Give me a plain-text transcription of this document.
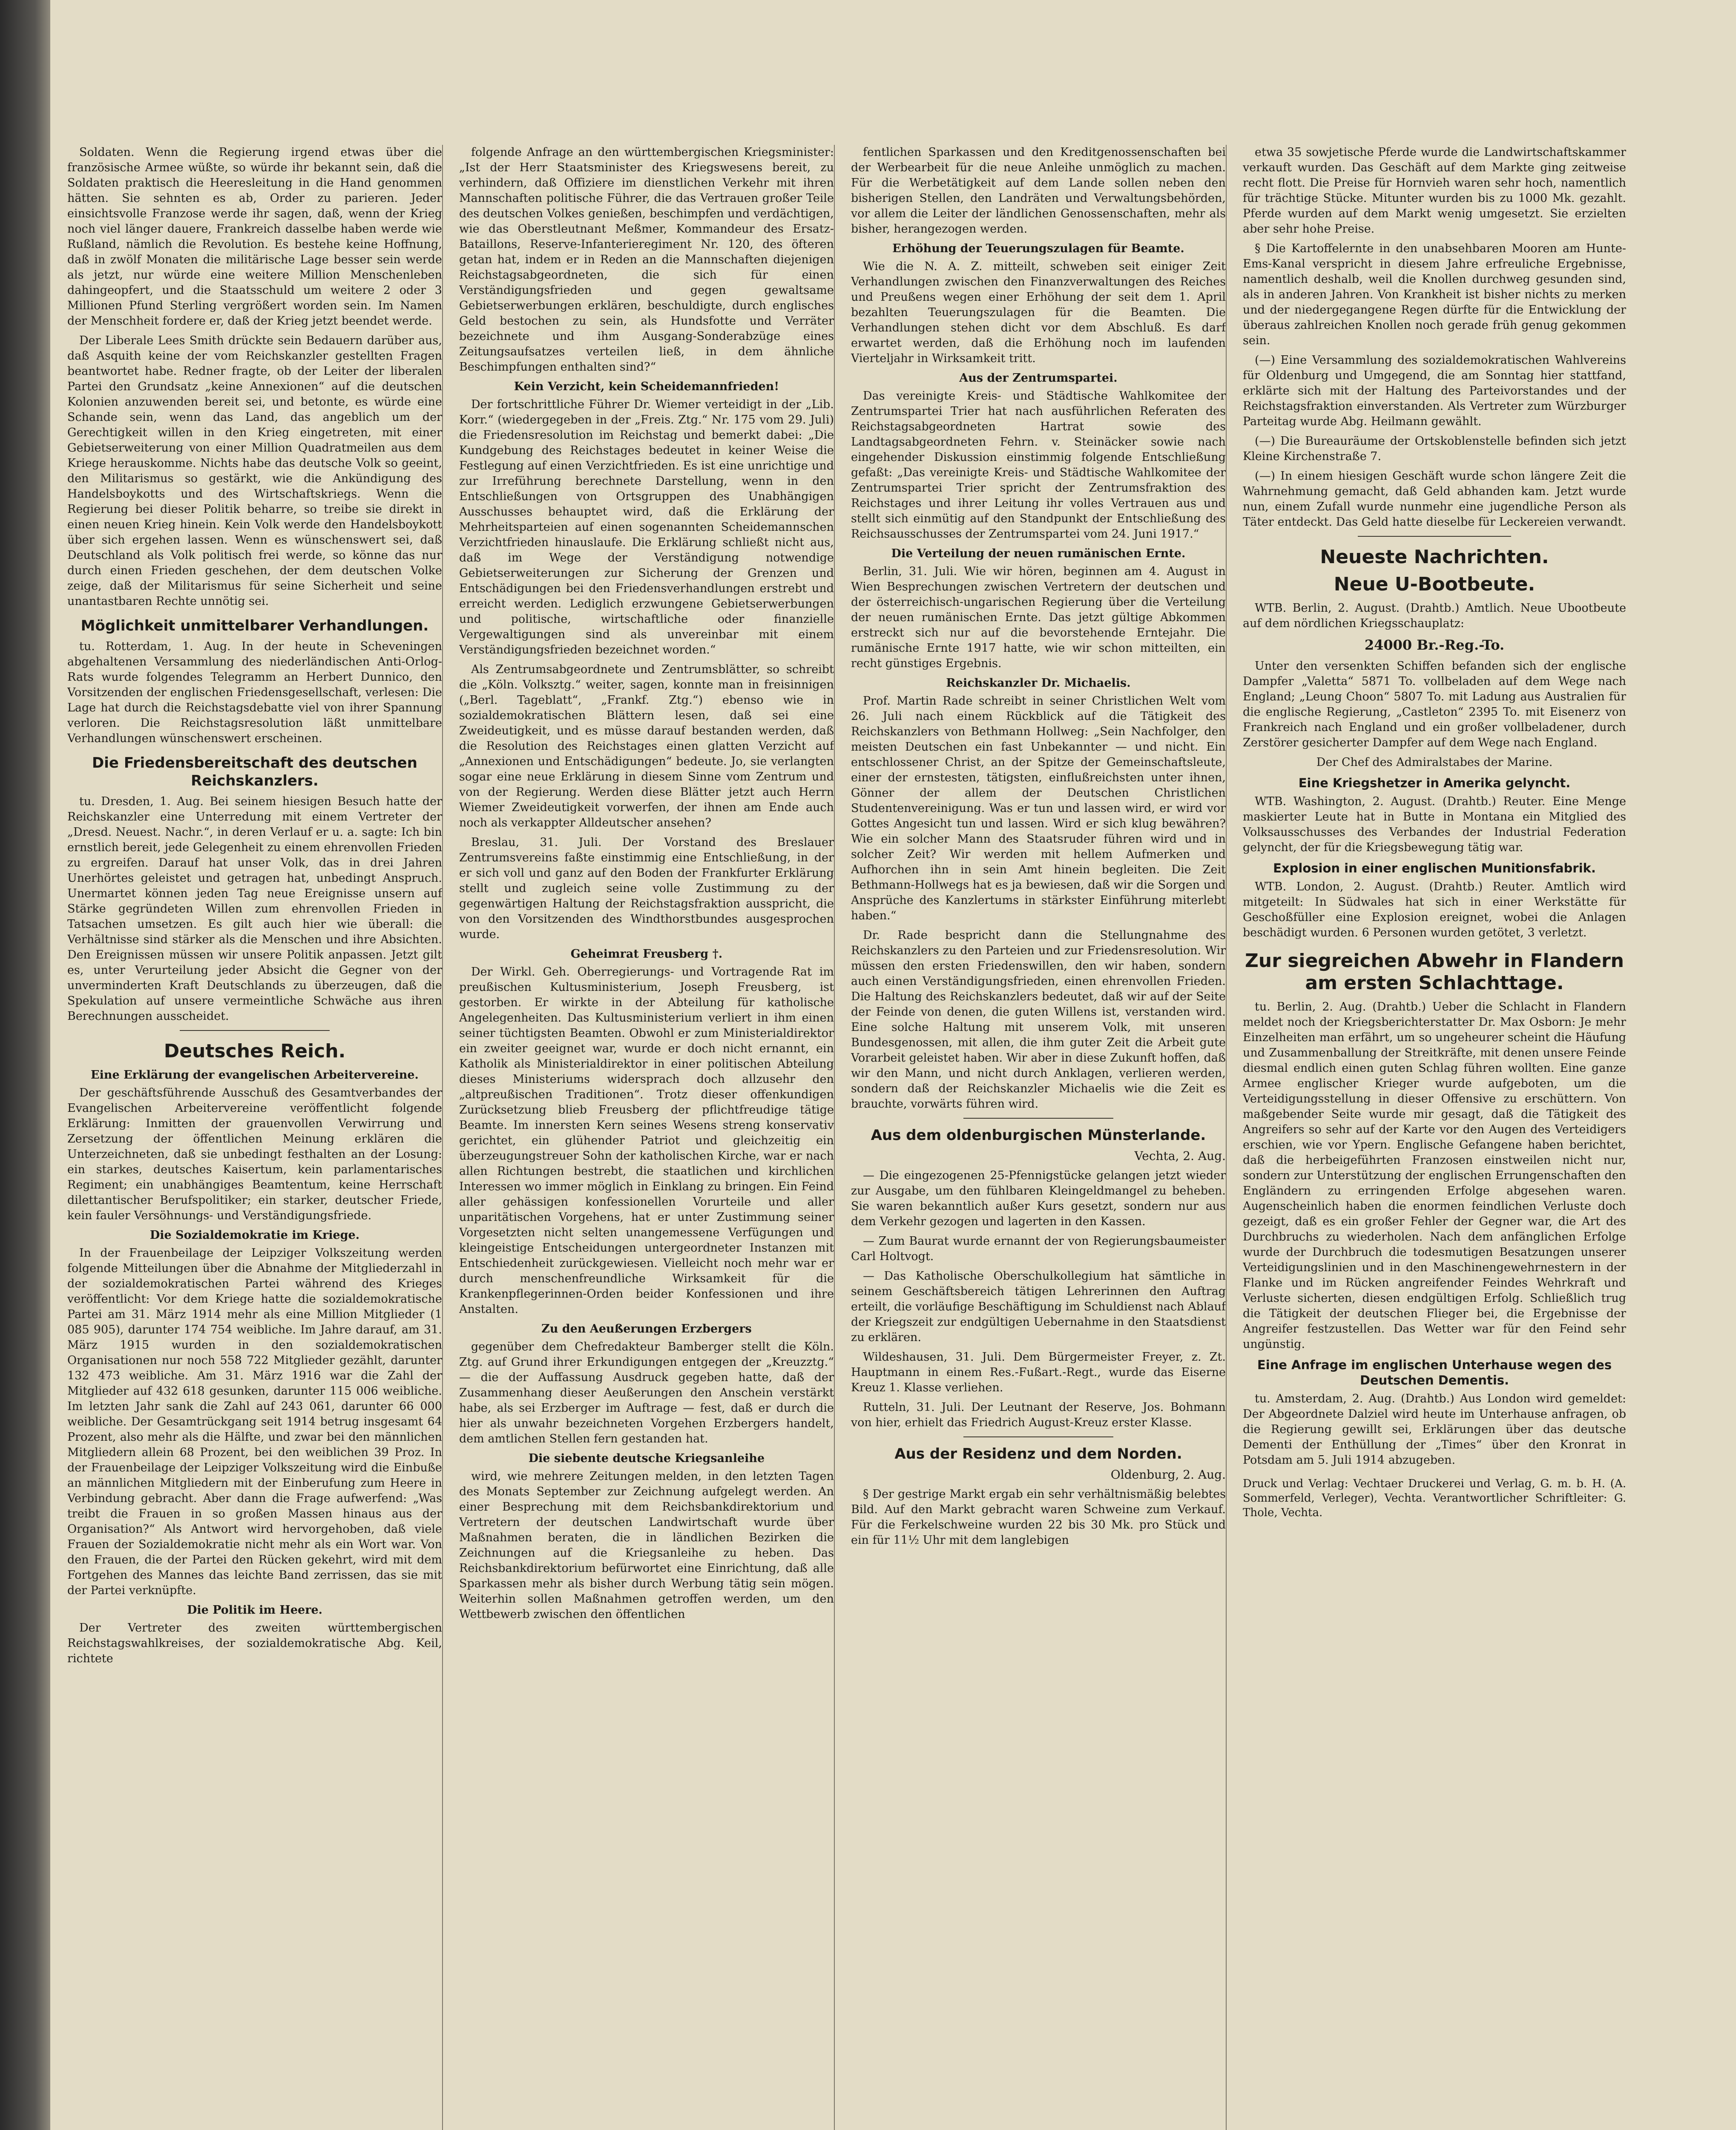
Soldaten. Wenn die Regierung irgend etwas über die französische Armee wüßte, so würde ihr bekannt sein, daß die Soldaten praktisch die Heeresleitung in die Hand genommen hätten. Sie sehnten es ab, Order zu parieren. Jeder einsichtsvolle Franzose werde ihr sagen, daß, wenn der Krieg noch viel länger dauere, Frankreich dasselbe haben werde wie Rußland, nämlich die Revolution. Es bestehe keine Hoffnung, daß in zwölf Monaten die militärische Lage besser sein werde als jetzt, nur würde eine weitere Million Menschenleben dahingeopfert, und die Staatsschuld um weitere 2 oder 3 Millionen Pfund Sterling vergrößert worden sein. Im Namen der Menschheit fordere er, daß der Krieg jetzt beendet werde.

Der Liberale Lees Smith drückte sein Bedauern darüber aus, daß Asquith keine der vom Reichskanzler gestellten Fragen beantwortet habe. Redner fragte, ob der Leiter der liberalen Partei den Grundsatz „keine Annexionen“ auf die deutschen Kolonien anzuwenden bereit sei, und betonte, es würde eine Schande sein, wenn das Land, das angeblich um der Gerechtigkeit willen in den Krieg eingetreten, mit einer Gebietserweiterung von einer Million Quadratmeilen aus dem Kriege herauskomme. Nichts habe das deutsche Volk so geeint, den Militarismus so gestärkt, wie die Ankündigung des Handelsboykotts und des Wirtschaftskriegs. Wenn die Regierung bei dieser Politik beharre, so treibe sie direkt in einen neuen Krieg hinein. Kein Volk werde den Handelsboykott über sich ergehen lassen. Wenn es wünschenswert sei, daß Deutschland als Volk politisch frei werde, so könne das nur durch einen Frieden geschehen, der dem deutschen Volke zeige, daß der Militarismus für seine Sicherheit und seine unantastbaren Rechte unnötig sei.

Möglichkeit unmittelbarer Verhandlungen.

tu. Rotterdam, 1. Aug. In der heute in Scheveningen abgehaltenen Versammlung des niederländischen Anti-Orlog-Rats wurde folgendes Telegramm an Herbert Dunnico, den Vorsitzenden der englischen Friedensgesellschaft, verlesen: Die Lage hat durch die Reichstagsdebatte viel von ihrer Spannung verloren. Die Reichstagsresolution läßt unmittelbare Verhandlungen wünschenswert erscheinen.

Die Friedensbereitschaft des deutschen Reichskanzlers.

tu. Dresden, 1. Aug. Bei seinem hiesigen Besuch hatte der Reichskanzler eine Unterredung mit einem Vertreter der „Dresd. Neuest. Nachr.“, in deren Verlauf er u. a. sagte: Ich bin ernstlich bereit, jede Gelegenheit zu einem ehrenvollen Frieden zu ergreifen. Darauf hat unser Volk, das in drei Jahren Unerhörtes geleistet und getragen hat, unbedingt Anspruch. Unermartet können jeden Tag neue Ereignisse unsern auf Stärke gegründeten Willen zum ehrenvollen Frieden in Tatsachen umsetzen. Es gilt auch hier wie überall: die Verhältnisse sind stärker als die Menschen und ihre Absichten. Den Ereignissen müssen wir unsere Politik anpassen. Jetzt gilt es, unter Verurteilung jeder Absicht die Gegner von der unverminderten Kraft Deutschlands zu überzeugen, daß die Spekulation auf unsere vermeintliche Schwäche aus ihren Berechnungen ausscheidet.

Deutsches Reich.
Eine Erklärung der evangelischen Arbeitervereine.

Der geschäftsführende Ausschuß des Gesamtverbandes der Evangelischen Arbeitervereine veröffentlicht folgende Erklärung: Inmitten der grauenvollen Verwirrung und Zersetzung der öffentlichen Meinung erklären die Unterzeichneten, daß sie unbedingt festhalten an der Losung: ein starkes, deutsches Kaisertum, kein parlamentarisches Regiment; ein unabhängiges Beamtentum, keine Herrschaft dilettantischer Berufspolitiker; ein starker, deutscher Friede, kein fauler Versöhnungs- und Verständigungsfriede.

Die Sozialdemokratie im Kriege.

In der Frauenbeilage der Leipziger Volkszeitung werden folgende Mitteilungen über die Abnahme der Mitgliederzahl in der sozialdemokratischen Partei während des Krieges veröffentlicht: Vor dem Kriege hatte die sozialdemokratische Partei am 31. März 1914 mehr als eine Million Mitglieder (1 085 905), darunter 174 754 weibliche. Im Jahre darauf, am 31. März 1915 wurden in den sozialdemokratischen Organisationen nur noch 558 722 Mitglieder gezählt, darunter 132 473 weibliche. Am 31. März 1916 war die Zahl der Mitglieder auf 432 618 gesunken, darunter 115 006 weibliche. Im letzten Jahr sank die Zahl auf 243 061, darunter 66 000 weibliche. Der Gesamtrückgang seit 1914 betrug insgesamt 64 Prozent, also mehr als die Hälfte, und zwar bei den männlichen Mitgliedern allein 68 Prozent, bei den weiblichen 39 Proz. In der Frauenbeilage der Leipziger Volkszeitung wird die Einbuße an männlichen Mitgliedern mit der Einberufung zum Heere in Verbindung gebracht. Aber dann die Frage aufwerfend: „Was treibt die Frauen in so großen Massen hinaus aus der Organisation?“ Als Antwort wird hervorgehoben, daß viele Frauen der Sozialdemokratie nicht mehr als ein Wort war. Von den Frauen, die der Partei den Rücken gekehrt, wird mit dem Fortgehen des Mannes das leichte Band zerrissen, das sie mit der Partei verknüpfte.

Die Politik im Heere.

Der Vertreter des zweiten württembergischen Reichstagswahlkreises, der sozialdemokratische Abg. Keil, richtete

folgende Anfrage an den württembergischen Kriegsminister: „Ist der Herr Staatsminister des Kriegswesens bereit, zu verhindern, daß Offiziere im dienstlichen Verkehr mit ihren Mannschaften politische Führer, die das Vertrauen großer Teile des deutschen Volkes genießen, beschimpfen und verdächtigen, wie das Oberstleutnant Meßmer, Kommandeur des Ersatz-Bataillons, Reserve-Infanterieregiment Nr. 120, des öfteren getan hat, indem er in Reden an die Mannschaften diejenigen Reichstagsabgeordneten, die sich für einen Verständigungsfrieden und gegen gewaltsame Gebietserwerbungen erklären, beschuldigte, durch englisches Geld bestochen zu sein, als Hundsfotte und Verräter bezeichnete und ihm Ausgang-Sonderabzüge eines Zeitungsaufsatzes verteilen ließ, in dem ähnliche Beschimpfungen enthalten sind?“

Kein Verzicht, kein Scheidemannfrieden!

Der fortschrittliche Führer Dr. Wiemer verteidigt in der „Lib. Korr.“ (wiedergegeben in der „Freis. Ztg.“ Nr. 175 vom 29. Juli) die Friedensresolution im Reichstag und bemerkt dabei: „Die Kundgebung des Reichstages bedeutet in keiner Weise die Festlegung auf einen Verzichtfrieden. Es ist eine unrichtige und zur Irreführung berechnete Darstellung, wenn in den Entschließungen von Ortsgruppen des Unabhängigen Ausschusses behauptet wird, daß die Erklärung der Mehrheitsparteien auf einen sogenannten Scheidemannschen Verzichtfrieden hinauslaufe. Die Erklärung schließt nicht aus, daß im Wege der Verständigung notwendige Gebietserweiterungen zur Sicherung der Grenzen und Entschädigungen bei den Friedensverhandlungen erstrebt und erreicht werden. Lediglich erzwungene Gebietserwerbungen und politische, wirtschaftliche oder finanzielle Vergewaltigungen sind als unvereinbar mit einem Verständigungsfrieden bezeichnet worden.“

Als Zentrumsabgeordnete und Zentrumsblätter, so schreibt die „Köln. Volksztg.“ weiter, sagen, konnte man in freisinnigen („Berl. Tageblatt“, „Frankf. Ztg.“) ebenso wie in sozialdemokratischen Blättern lesen, daß sei eine Zweideutigkeit, und es müsse darauf bestanden werden, daß die Resolution des Reichstages einen glatten Verzicht auf „Annexionen und Entschädigungen“ bedeute. Jo, sie verlangten sogar eine neue Erklärung in diesem Sinne vom Zentrum und von der Regierung. Werden diese Blätter jetzt auch Herrn Wiemer Zweideutigkeit vorwerfen, der ihnen am Ende auch noch als verkappter Alldeutscher ansehen?

Breslau, 31. Juli. Der Vorstand des Breslauer Zentrumsvereins faßte einstimmig eine Entschließung, in der er sich voll und ganz auf den Boden der Frankfurter Erklärung stellt und zugleich seine volle Zustimmung zu der gegenwärtigen Haltung der Reichstagsfraktion ausspricht, die von den Vorsitzenden des Windthorstbundes ausgesprochen wurde.

Geheimrat Freusberg †.

Der Wirkl. Geh. Oberregierungs- und Vortragende Rat im preußischen Kultusministerium, Joseph Freusberg, ist gestorben. Er wirkte in der Abteilung für katholische Angelegenheiten. Das Kultusministerium verliert in ihm einen seiner tüchtigsten Beamten. Obwohl er zum Ministerialdirektor ein zweiter geeignet war, wurde er doch nicht ernannt, ein Katholik als Ministerialdirektor in einer politischen Abteilung dieses Ministeriums widersprach doch allzusehr den „altpreußischen Traditionen“. Trotz dieser offenkundigen Zurücksetzung blieb Freusberg der pflichtfreudige tätige Beamte. Im innersten Kern seines Wesens streng konservativ gerichtet, ein glühender Patriot und gleichzeitig ein überzeugungstreuer Sohn der katholischen Kirche, war er nach allen Richtungen bestrebt, die staatlichen und kirchlichen Interessen wo immer möglich in Einklang zu bringen. Ein Feind aller gehässigen konfessionellen Vorurteile und aller unparitätischen Vorgehens, hat er unter Zustimmung seiner Vorgesetzten nicht selten unangemessene Verfügungen und kleingeistige Entscheidungen untergeordneter Instanzen mit Entschiedenheit zurückgewiesen. Vielleicht noch mehr war er durch menschenfreundliche Wirksamkeit für die Krankenpflegerinnen-Orden beider Konfessionen und ihre Anstalten.

Zu den Aeußerungen Erzbergers

gegenüber dem Chefredakteur Bamberger stellt die Köln. Ztg. auf Grund ihrer Erkundigungen entgegen der „Kreuzztg.“ — die der Auffassung Ausdruck gegeben hatte, daß der Zusammenhang dieser Aeußerungen den Anschein verstärkt habe, als sei Erzberger im Auftrage — fest, daß er durch die hier als unwahr bezeichneten Vorgehen Erzbergers handelt, dem amtlichen Stellen fern gestanden hat.

Die siebente deutsche Kriegsanleihe

wird, wie mehrere Zeitungen melden, in den letzten Tagen des Monats September zur Zeichnung aufgelegt werden. An einer Besprechung mit dem Reichsbankdirektorium und Vertretern der deutschen Landwirtschaft wurde über Maßnahmen beraten, die in ländlichen Bezirken die Zeichnungen auf die Kriegsanleihe zu heben. Das Reichsbankdirektorium befürwortet eine Einrichtung, daß alle Sparkassen mehr als bisher durch Werbung tätig sein mögen. Weiterhin sollen Maßnahmen getroffen werden, um den Wettbewerb zwischen den öffentlichen

fentlichen Sparkassen und den Kreditgenossenschaften bei der Werbearbeit für die neue Anleihe unmöglich zu machen. Für die Werbetätigkeit auf dem Lande sollen neben den bisherigen Stellen, den Landräten und Verwaltungsbehörden, vor allem die Leiter der ländlichen Genossenschaften, mehr als bisher, herangezogen werden.

Erhöhung der Teuerungszulagen für Beamte.

Wie die N. A. Z. mitteilt, schweben seit einiger Zeit Verhandlungen zwischen den Finanzverwaltungen des Reiches und Preußens wegen einer Erhöhung der seit dem 1. April bezahlten Teuerungszulagen für die Beamten. Die Verhandlungen stehen dicht vor dem Abschluß. Es darf erwartet werden, daß die Erhöhung noch im laufenden Vierteljahr in Wirksamkeit tritt.

Aus der Zentrumspartei.

Das vereinigte Kreis- und Städtische Wahlkomitee der Zentrumspartei Trier hat nach ausführlichen Referaten des Reichstagsabgeordneten Hartrat sowie des Landtagsabgeordneten Fehrn. v. Steinäcker sowie nach eingehender Diskussion einstimmig folgende Entschließung gefaßt: „Das vereinigte Kreis- und Städtische Wahlkomitee der Zentrumspartei Trier spricht der Zentrumsfraktion des Reichstages und ihrer Leitung ihr volles Vertrauen aus und stellt sich einmütig auf den Standpunkt der Entschließung des Reichsausschusses der Zentrumspartei vom 24. Juni 1917.“

Die Verteilung der neuen rumänischen Ernte.

Berlin, 31. Juli. Wie wir hören, beginnen am 4. August in Wien Besprechungen zwischen Vertretern der deutschen und der österreichisch-ungarischen Regierung über die Verteilung der neuen rumänischen Ernte. Das jetzt gültige Abkommen erstreckt sich nur auf die bevorstehende Erntejahr. Die rumänische Ernte 1917 hatte, wie wir schon mitteilten, ein recht günstiges Ergebnis.

Reichskanzler Dr. Michaelis.

Prof. Martin Rade schreibt in seiner Christlichen Welt vom 26. Juli nach einem Rückblick auf die Tätigkeit des Reichskanzlers von Bethmann Hollweg: „Sein Nachfolger, den meisten Deutschen ein fast Unbekannter — und nicht. Ein entschlossener Christ, an der Spitze der Gemeinschaftsleute, einer der ernstesten, tätigsten, einflußreichsten unter ihnen, Gönner der allem der Deutschen Christlichen Studentenvereinigung. Was er tun und lassen wird, er wird vor Gottes Angesicht tun und lassen. Wird er sich klug bewähren? Wie ein solcher Mann des Staatsruder führen wird und in solcher Zeit? Wir werden mit hellem Aufmerken und Aufhorchen ihn in sein Amt hinein begleiten. Die Zeit Bethmann-Hollwegs hat es ja bewiesen, daß wir die Sorgen und Ansprüche des Kanzlertums in stärkster Einführung miterlebt haben.“

Dr. Rade bespricht dann die Stellungnahme des Reichskanzlers zu den Parteien und zur Friedensresolution. Wir müssen den ersten Friedenswillen, den wir haben, sondern auch einen Verständigungsfrieden, einen ehrenvollen Frieden. Die Haltung des Reichskanzlers bedeutet, daß wir auf der Seite der Feinde von denen, die guten Willens ist, verstanden wird. Eine solche Haltung mit unserem Volk, mit unseren Bundesgenossen, mit allen, die ihm guter Zeit die Arbeit gute Vorarbeit geleistet haben. Wir aber in diese Zukunft hoffen, daß wir den Mann, und nicht durch Anklagen, verlieren werden, sondern daß der Reichskanzler Michaelis wie die Zeit es brauchte, vorwärts führen wird.

Aus dem oldenburgischen Münsterlande.
Vechta, 2. Aug.

— Die eingezogenen 25-Pfennigstücke gelangen jetzt wieder zur Ausgabe, um den fühlbaren Kleingeldmangel zu beheben. Sie waren bekanntlich außer Kurs gesetzt, sondern nur aus dem Verkehr gezogen und lagerten in den Kassen.

— Zum Baurat wurde ernannt der von Regierungsbaumeister Carl Holtvogt.

— Das Katholische Oberschulkollegium hat sämtliche in seinem Geschäftsbereich tätigen Lehrerinnen den Auftrag erteilt, die vorläufige Beschäftigung im Schuldienst nach Ablauf der Kriegszeit zur endgültigen Uebernahme in den Staatsdienst zu erklären.

Wildeshausen, 31. Juli. Dem Bürgermeister Freyer, z. Zt. Hauptmann in einem Res.-Fußart.-Regt., wurde das Eiserne Kreuz 1. Klasse verliehen.

Rutteln, 31. Juli. Der Leutnant der Reserve, Jos. Bohmann von hier, erhielt das Friedrich August-Kreuz erster Klasse.

Aus der Residenz und dem Norden.
Oldenburg, 2. Aug.

§ Der gestrige Markt ergab ein sehr verhältnismäßig belebtes Bild. Auf den Markt gebracht waren Schweine zum Verkauf. Für die Ferkelschweine wurden 22 bis 30 Mk. pro Stück und ein für 11½ Uhr mit dem langlebigen

etwa 35 sowjetische Pferde wurde die Landwirtschaftskammer verkauft wurden. Das Geschäft auf dem Markte ging zeitweise recht flott. Die Preise für Hornvieh waren sehr hoch, namentlich für trächtige Stücke. Mitunter wurden bis zu 1000 Mk. gezahlt. Pferde wurden auf dem Markt wenig umgesetzt. Sie erzielten aber sehr hohe Preise.

§ Die Kartoffelernte in den unabsehbaren Mooren am Hunte-Ems-Kanal verspricht in diesem Jahre erfreuliche Ergebnisse, namentlich deshalb, weil die Knollen durchweg gesunden sind, als in anderen Jahren. Von Krankheit ist bisher nichts zu merken und der niedergegangene Regen dürfte für die Entwicklung der überaus zahlreichen Knollen noch gerade früh genug gekommen sein.

(—) Eine Versammlung des sozialdemokratischen Wahlvereins für Oldenburg und Umgegend, die am Sonntag hier stattfand, erklärte sich mit der Haltung des Parteivorstandes und der Reichstagsfraktion einverstanden. Als Vertreter zum Würzburger Parteitag wurde Abg. Heilmann gewählt.

(—) Die Bureauräume der Ortskoblenstelle befinden sich jetzt Kleine Kirchenstraße 7.

(—) In einem hiesigen Geschäft wurde schon längere Zeit die Wahrnehmung gemacht, daß Geld abhanden kam. Jetzt wurde nun, einem Zufall wurde nunmehr eine jugendliche Person als Täter entdeckt. Das Geld hatte dieselbe für Leckereien verwandt.

Neueste Nachrichten.
Neue U-Bootbeute.

WTB. Berlin, 2. August. (Drahtb.) Amtlich. Neue Ubootbeute auf dem nördlichen Kriegsschauplatz:

24000 Br.-Reg.-To.

Unter den versenkten Schiffen befanden sich der englische Dampfer „Valetta“ 5871 To. vollbeladen auf dem Wege nach England; „Leung Choon“ 5807 To. mit Ladung aus Australien für die englische Regierung, „Castleton“ 2395 To. mit Eisenerz von Frankreich nach England und ein großer vollbeladener, durch Zerstörer gesicherter Dampfer auf dem Wege nach England.

Der Chef des Admiralstabes der Marine.

Eine Kriegshetzer in Amerika gelyncht.

WTB. Washington, 2. August. (Drahtb.) Reuter. Eine Menge maskierter Leute hat in Butte in Montana ein Mitglied des Volksausschusses des Verbandes der Industrial Federation gelyncht, der für die Kriegsbewegung tätig war.

Explosion in einer englischen Munitionsfabrik.

WTB. London, 2. August. (Drahtb.) Reuter. Amtlich wird mitgeteilt: In Südwales hat sich in einer Werkstätte für Geschoßfüller eine Explosion ereignet, wobei die Anlagen beschädigt wurden. 6 Personen wurden getötet, 3 verletzt.

Zur siegreichen Abwehr in Flandern am ersten Schlachttage.

tu. Berlin, 2. Aug. (Drahtb.) Ueber die Schlacht in Flandern meldet noch der Kriegsberichterstatter Dr. Max Osborn: Je mehr Einzelheiten man erfährt, um so ungeheurer scheint die Häufung und Zusammenballung der Streitkräfte, mit denen unsere Feinde diesmal endlich einen guten Schlag führen wollten. Eine ganze Armee englischer Krieger wurde aufgeboten, um die Verteidigungsstellung in dieser Offensive zu erschüttern. Von maßgebender Seite wurde mir gesagt, daß die Tätigkeit des Angreifers so sehr auf der Karte vor den Augen des Verteidigers erschien, wie vor Ypern. Englische Gefangene haben berichtet, daß die herbeigeführten Franzosen einstweilen nicht nur, sondern zur Unterstützung der englischen Errungenschaften den Engländern zu erringenden Erfolge abgesehen waren. Augenscheinlich haben die enormen feindlichen Verluste doch gezeigt, daß es ein großer Fehler der Gegner war, die Art des Durchbruchs zu wiederholen. Nach dem anfänglichen Erfolge wurde der Durchbruch die todesmutigen Besatzungen unserer Verteidigungslinien und in den Maschinengewehrnestern in der Flanke und im Rücken angreifender Feindes Wehrkraft und Verluste sicherten, diesen endgültigen Erfolg. Schließlich trug die Tätigkeit der deutschen Flieger bei, die Ergebnisse der Angreifer festzustellen. Das Wetter war für den Feind sehr ungünstig.

Eine Anfrage im englischen Unterhause wegen des Deutschen Dementis.

tu. Amsterdam, 2. Aug. (Drahtb.) Aus London wird gemeldet: Der Abgeordnete Dalziel wird heute im Unterhause anfragen, ob die Regierung gewillt sei, Erklärungen über das deutsche Dementi der Enthüllung der „Times“ über den Kronrat in Potsdam am 5. Juli 1914 abzugeben.

Druck und Verlag: Vechtaer Druckerei und Verlag, G. m. b. H. (A. Sommerfeld, Verleger), Vechta. Verantwortlicher Schriftleiter: G. Thole, Vechta.
